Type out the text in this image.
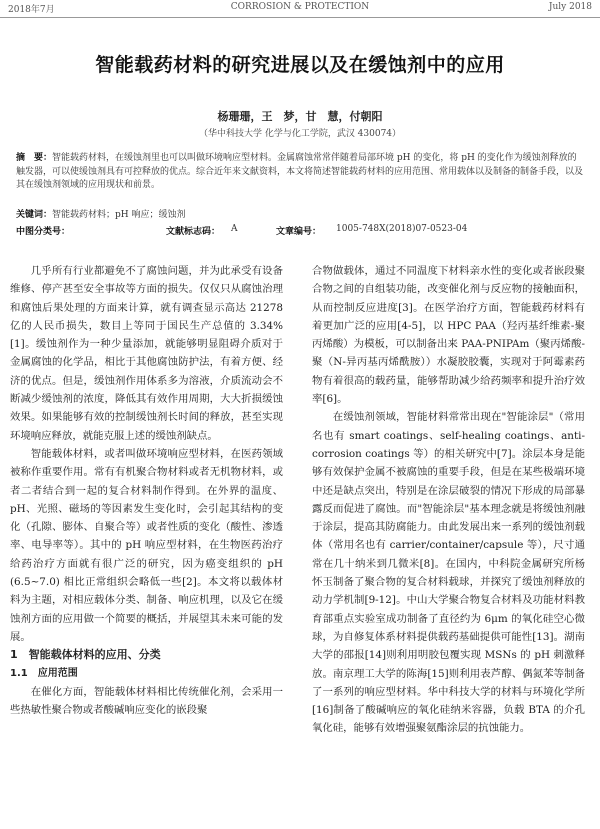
2018年7月	CORROSION & PROTECTION	July 2018
智能载药材料的研究进展以及在缓蚀剂中的应用
杨珊珊，王　梦，甘　慧，付朝阳
（华中科技大学 化学与化工学院，武汉 430074）
摘　要：智能载药材料，在缓蚀剂里也可以叫做环境响应型材料。金属腐蚀常常伴随着局部环境 pH 的变化，将 pH 的变化作为缓蚀剂释放的触发器，可以使缓蚀剂具有可控释放的优点。综合近年来文献资料，本文将简述智能载药材料的应用范围、常用载体以及制备的制备手段，以及其在缓蚀剂领域的应用现状和前景。
关键词：智能载药材料；pH 响应；缓蚀剂
中图分类号：	文献标志码： A	文章编号： 1005-748X(2018)07-0523-04

几乎所有行业都避免不了腐蚀问题，并为此承受有设备维修、停产甚至安全事故等方面的损失。仅仅只从腐蚀治理和腐蚀后果处理的方面来计算，就有调查显示高达 21278 亿的人民币损失，数目上等同于国民生产总值的 3.34%[1]。缓蚀剂作为一种少量添加，就能够明显阻碍介质对于金属腐蚀的化学品，相比于其他腐蚀防护法，有着方便、经济的优点。但是，缓蚀剂作用体系多为溶液，介质流动会不断减少缓蚀剂的浓度，降低其有效作用周期，大大折损缓蚀效果。如果能够有效的控制缓蚀剂长时间的释放，甚至实现环境响应释放，就能克服上述的缓蚀剂缺点。

智能载体材料，或者叫做环境响应型材料，在医药领域被称作重要作用。常有有机聚合物材料或者无机物材料，或者二者结合到一起的复合材料制作得到。在外界的温度、pH、光照、磁场的等因素发生变化时，会引起其结构的变化（孔隙、膨体、自聚合等）或者性质的变化（酸性、渗透率、电导率等）。其中的 pH 响应型材料，在生物医药治疗给药治疗方面就有很广泛的研究，因为癌变组织的 pH (6.5~7.0) 相比正常组织会略低一些[2]。本文将以载体材料为主题，对相应载体分类、制备、响应机理，以及它在缓蚀剂方面的应用做一个简要的概括，并展望其未来可能的发展。

1　智能载体材料的应用、分类

1.1　应用范围

在催化方面，智能载体材料相比传统催化剂，会采用一些热敏性聚合物或者酸碱响应变化的嵌段聚

合物做载体，通过不同温度下材料亲水性的变化或者嵌段聚合物之间的自组装功能，改变催化剂与反应物的接触面积，从而控制反应进度[3]。在医学治疗方面，智能载药材料有着更加广泛的应用[4-5]，以 HPC PAA（羟丙基纤维素-聚丙烯酸）为模板，可以制备出来 PAA-PNIPAm（聚丙烯酸-聚（N-异丙基丙烯酰胺））水凝胶胶囊，实现对于阿霉素药物有着很高的载药量，能够帮助减少给药频率和提升治疗效率[6]。

在缓蚀剂领域，智能材料常常出现在"智能涂层"（常用名也有 smart coatings、self-healing coatings、anti-corrosion coatings 等）的相关研究中[7]。涂层本身是能够有效保护金属不被腐蚀的重要手段，但是在某些极端环境中还是缺点突出，特别是在涂层破裂的情况下形成的局部暴露反而促进了腐蚀。而"智能涂层"基本理念就是将缓蚀剂融于涂层，提高其防腐能力。由此发展出来一系列的缓蚀剂载体（常用名也有 carrier/container/capsule 等），尺寸通常在几十纳米到几微米[8]。在国内，中科院金属研究所杨怀玉制备了聚合物的复合材料载球，并探究了缓蚀剂释放的动力学机制[9-12]。中山大学聚合物复合材料及功能材料教育部重点实验室成功制备了直径约为 6μm 的氧化硅空心微球，为自修复体系材料提供载药基础提供可能性[13]。湖南大学的邵报[14]则利用明胶包覆实现 MSNs 的 pH 刺激释放。南京理工大学的陈海[15]则利用表芦醇、偶氮苯等制备了一系列的响应型材料。华中科技大学的材料与环境化学所[16]制备了酸碱响应的氧化硅纳米容器，负载 BTA 的介孔氧化硅，能够有效增强聚氨酯涂层的抗蚀能力。
